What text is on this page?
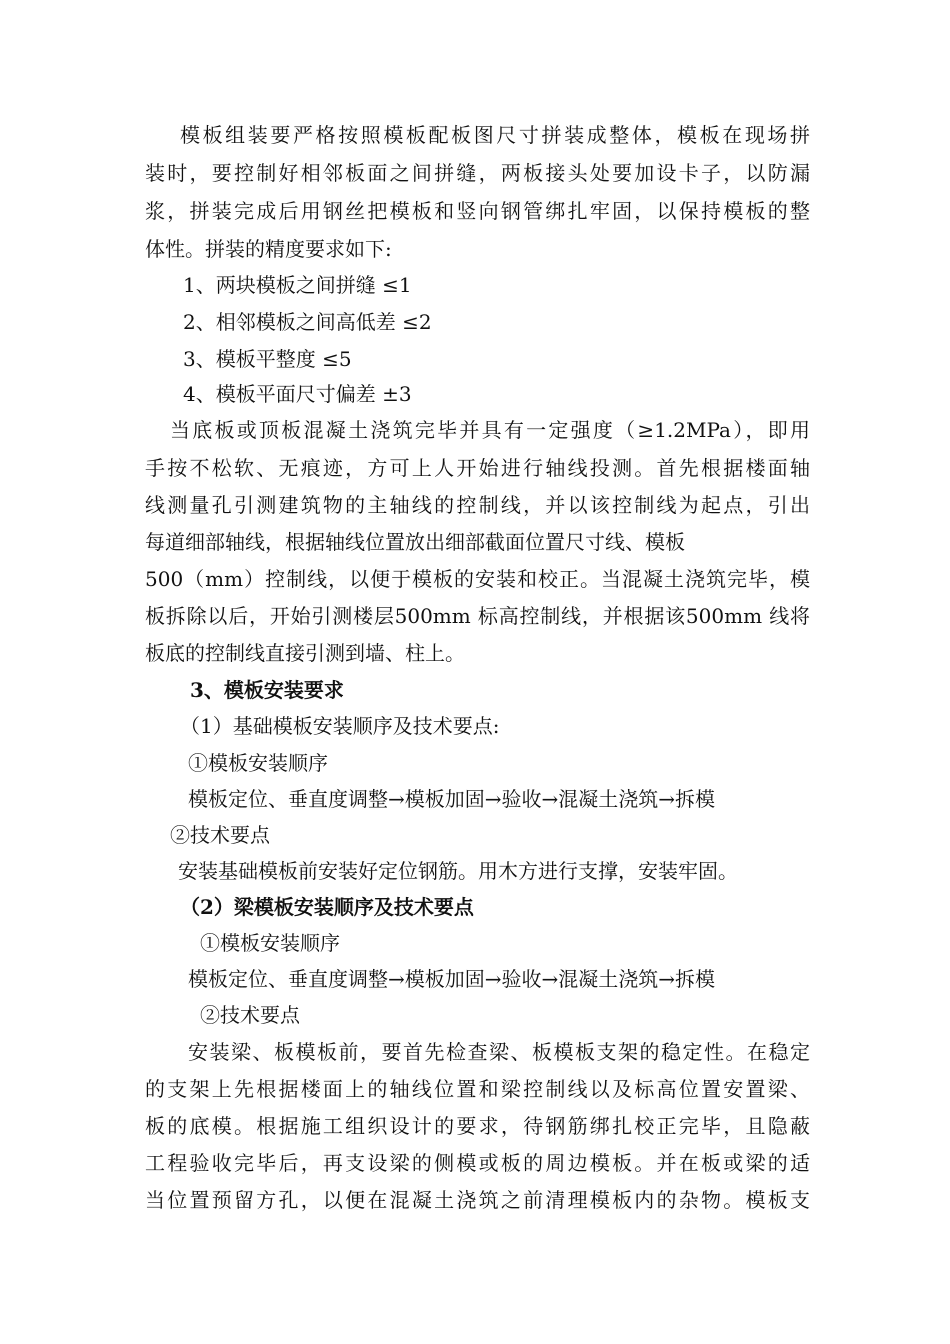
模板组装要严格按照模板配板图尺寸拼装成整体，模板在现场拼
装时，要控制好相邻板面之间拼缝，两板接头处要加设卡子，以防漏
浆，拼装完成后用钢丝把模板和竖向钢管绑扎牢固，以保持模板的整
体性。拼装的精度要求如下:
1、两块模板之间拼缝 ≤1
2、相邻模板之间高低差 ≤2
3、模板平整度 ≤5
4、模板平面尺寸偏差 ±3
当底板或顶板混凝土浇筑完毕并具有一定强度（≥1.2MPa），即用
手按不松软、无痕迹，方可上人开始进行轴线投测。首先根据楼面轴
线测量孔引测建筑物的主轴线的控制线，并以该控制线为起点，引出
每道细部轴线，根据轴线位置放出细部截面位置尺寸线、模板
500（mm）控制线，以便于模板的安装和校正。当混凝土浇筑完毕，模
板拆除以后，开始引测楼层500mm 标高控制线，并根据该500mm 线将
板底的控制线直接引测到墙、柱上。
3、模板安装要求
（1）基础模板安装顺序及技术要点:
①模板安装顺序
模板定位、垂直度调整→模板加固→验收→混凝土浇筑→拆模
②技术要点
安装基础模板前安装好定位钢筋。用木方进行支撑，安装牢固。
（2）梁模板安装顺序及技术要点
①模板安装顺序
模板定位、垂直度调整→模板加固→验收→混凝土浇筑→拆模
②技术要点
安装梁、板模板前，要首先检查梁、板模板支架的稳定性。在稳定
的支架上先根据楼面上的轴线位置和梁控制线以及标高位置安置梁、
板的底模。根据施工组织设计的要求，待钢筋绑扎校正完毕，且隐蔽
工程验收完毕后，再支设梁的侧模或板的周边模板。并在板或梁的适
当位置预留方孔，以便在混凝土浇筑之前清理模板内的杂物。模板支
